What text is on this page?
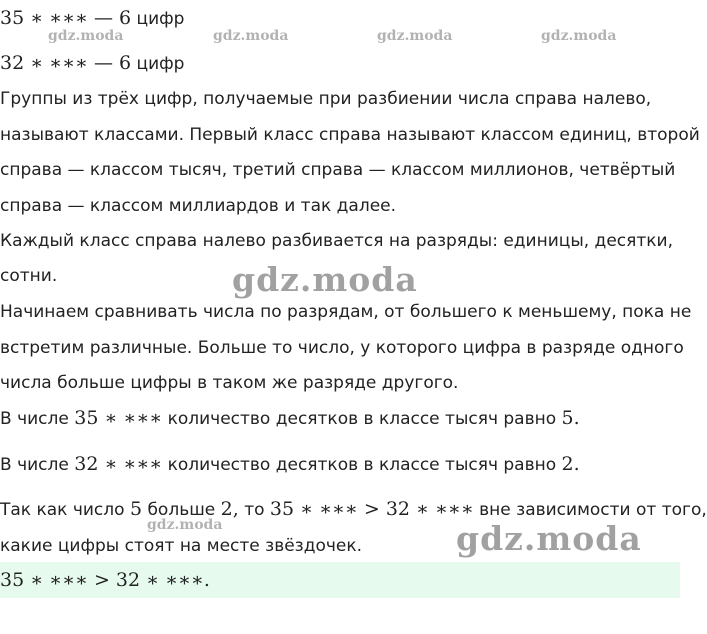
35 ∗ ∗∗∗ — 6 цифр
gdz.moda	gdz.moda	gdz.moda	gdz.moda
32 ∗ ∗∗∗ — 6 цифр
Группы из трёх цифр, получаемые при разбиении числа справа налево,
называют классами. Первый класс справа называют классом единиц, второй
справа — классом тысяч, третий справа — классом миллионов, четвёртый
справа — классом миллиардов и так далее.
Каждый класс справа налево разбивается на разряды: единицы, десятки,
сотни.	gdz.moda
Начинаем сравнивать числа по разрядам, от большего к меньшему, пока не
встретим различные. Больше то число, у которого цифра в разряде одного
числа больше цифры в таком же разряде другого.
В числе 35 ∗ ∗∗∗ количество десятков в классе тысяч равно 5.
В числе 32 ∗ ∗∗∗ количество десятков в классе тысяч равно 2.
Так как число 5 больше 2, то 35 ∗ ∗∗∗ > 32 ∗ ∗∗∗ вне зависимости от того,
gdz.moda	gdz.moda
какие цифры стоят на месте звёздочек.
35 ∗ ∗∗∗ > 32 ∗ ∗∗∗.
